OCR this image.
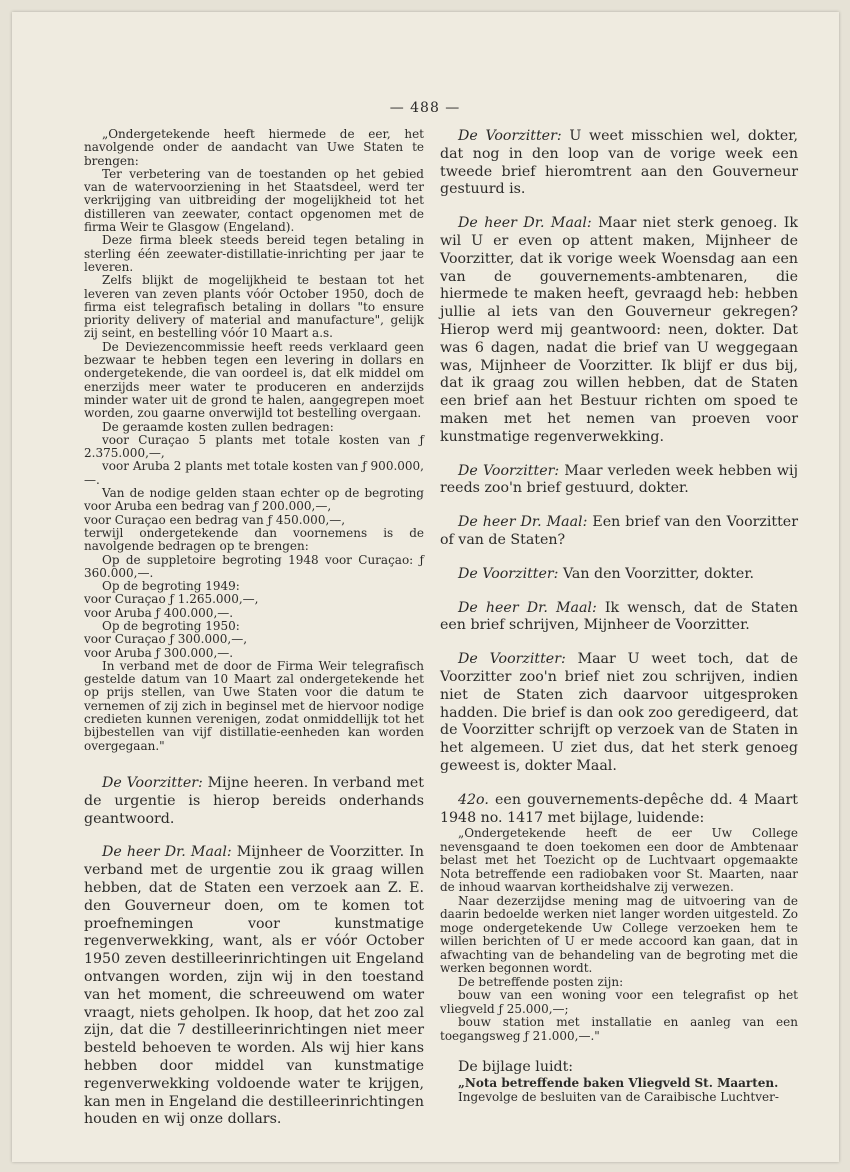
— 488 —

„Ondergetekende heeft hiermede de eer, het navolgende onder de aandacht van Uwe Staten te brengen:

Ter verbetering van de toestanden op het gebied van de watervoorziening in het Staatsdeel, werd ter verkrijging van uitbreiding der mogelijkheid tot het distilleren van zeewater, contact opgenomen met de firma Weir te Glasgow (Engeland).

Deze firma bleek steeds bereid tegen betaling in sterling één zeewater-distillatie-inrichting per jaar te leveren.

Zelfs blijkt de mogelijkheid te bestaan tot het leveren van zeven plants vóór October 1950, doch de firma eist telegrafisch betaling in dollars "to ensure priority delivery of material and manufacture", gelijk zij seint, en bestelling vóór 10 Maart a.s.

De Deviezencommissie heeft reeds verklaard geen bezwaar te hebben tegen een levering in dollars en ondergetekende, die van oordeel is, dat elk middel om enerzijds meer water te produceren en anderzijds minder water uit de grond te halen, aangegrepen moet worden, zou gaarne onverwijld tot bestelling overgaan.

De geraamde kosten zullen bedragen:

voor Curaçao 5 plants met totale kosten van ƒ 2.375.000,—,

voor Aruba 2 plants met totale kosten van ƒ 900.000,—.

Van de nodige gelden staan echter op de begroting voor Aruba een bedrag van ƒ 200.000,—,

voor Curaçao een bedrag van ƒ 450.000,—,

terwijl ondergetekende dan voornemens is de navolgende bedragen op te brengen:

Op de suppletoire begroting 1948 voor Curaçao: ƒ 360.000,—.

Op de begroting 1949:

voor Curaçao ƒ 1.265.000,—,

voor Aruba ƒ 400.000,—.

Op de begroting 1950:

voor Curaçao ƒ 300.000,—,

voor Aruba ƒ 300.000,—.

In verband met de door de Firma Weir telegrafisch gestelde datum van 10 Maart zal ondergetekende het op prijs stellen, van Uwe Staten voor die datum te vernemen of zij zich in beginsel met de hiervoor nodige credieten kunnen verenigen, zodat onmiddellijk tot het bijbestellen van vijf distillatie-eenheden kan worden overgegaan."

De Voorzitter: Mijne heeren. In verband met de urgentie is hierop bereids onderhands geantwoord.

De heer Dr. Maal: Mijnheer de Voorzitter. In verband met de urgentie zou ik graag willen hebben, dat de Staten een verzoek aan Z. E. den Gouverneur doen, om te komen tot proefnemingen voor kunstmatige regenverwekking, want, als er vóór October 1950 zeven destilleerinrichtingen uit Engeland ontvangen worden, zijn wij in den toestand van het moment, die schreeuwend om water vraagt, niets geholpen. Ik hoop, dat het zoo zal zijn, dat die 7 destilleerinrichtingen niet meer besteld behoeven te worden. Als wij hier kans hebben door middel van kunstmatige regenverwekking voldoende water te krijgen, kan men in Engeland die destilleerinrichtingen houden en wij onze dollars.

De Voorzitter: U weet misschien wel, dokter, dat nog in den loop van de vorige week een tweede brief hieromtrent aan den Gouverneur gestuurd is.

De heer Dr. Maal: Maar niet sterk genoeg. Ik wil U er even op attent maken, Mijnheer de Voorzitter, dat ik vorige week Woensdag aan een van de gouvernements-ambtenaren, die hiermede te maken heeft, gevraagd heb: hebben jullie al iets van den Gouverneur gekregen? Hierop werd mij geantwoord: neen, dokter. Dat was 6 dagen, nadat die brief van U weggegaan was, Mijnheer de Voorzitter. Ik blijf er dus bij, dat ik graag zou willen hebben, dat de Staten een brief aan het Bestuur richten om spoed te maken met het nemen van proeven voor kunstmatige regenverwekking.

De Voorzitter: Maar verleden week hebben wij reeds zoo'n brief gestuurd, dokter.

De heer Dr. Maal: Een brief van den Voorzitter of van de Staten?

De Voorzitter: Van den Voorzitter, dokter.

De heer Dr. Maal: Ik wensch, dat de Staten een brief schrijven, Mijnheer de Voorzitter.

De Voorzitter: Maar U weet toch, dat de Voorzitter zoo'n brief niet zou schrijven, indien niet de Staten zich daarvoor uitgesproken hadden. Die brief is dan ook zoo geredigeerd, dat de Voorzitter schrijft op verzoek van de Staten in het algemeen. U ziet dus, dat het sterk genoeg geweest is, dokter Maal.

42o. een gouvernements-depêche dd. 4 Maart 1948 no. 1417 met bijlage, luidende:

„Ondergetekende heeft de eer Uw College nevensgaand te doen toekomen een door de Ambtenaar belast met het Toezicht op de Luchtvaart opgemaakte Nota betreffende een radiobaken voor St. Maarten, naar de inhoud waarvan kortheidshalve zij verwezen.

Naar dezerzijdse mening mag de uitvoering van de daarin bedoelde werken niet langer worden uitgesteld. Zo moge ondergetekende Uw College verzoeken hem te willen berichten of U er mede accoord kan gaan, dat in afwachting van de behandeling van de begroting met die werken begonnen wordt.

De betreffende posten zijn:

bouw van een woning voor een telegrafist op het vliegveld ƒ 25.000,—;

bouw station met installatie en aanleg van een toegangsweg ƒ 21.000,—."

De bijlage luidt:

„Nota betreffende baken Vliegveld St. Maarten.

Ingevolge de besluiten van de Caraibische Luchtver-
